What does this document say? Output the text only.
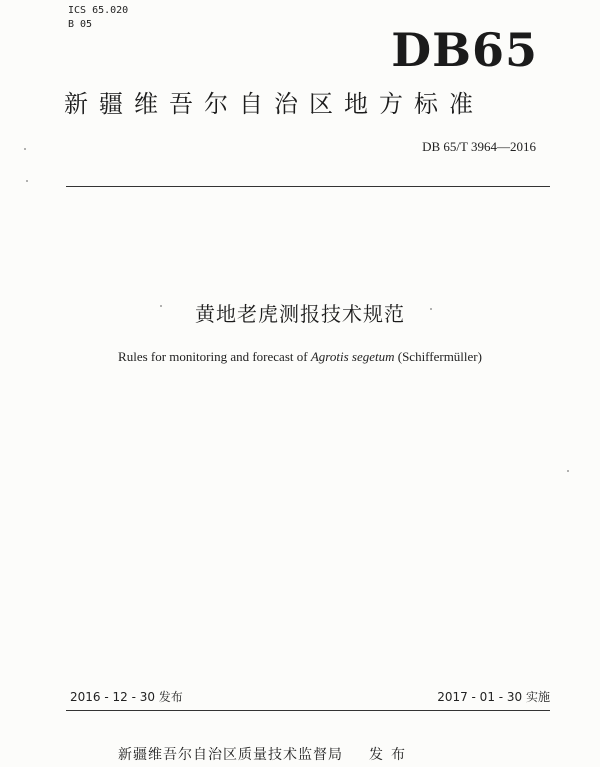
ICS 65.020
B 05	DB65
新疆维吾尔自治区地方标准
DB 65/T 3964—2016
黄地老虎测报技术规范
Rules for monitoring and forecast of Agrotis segetum (Schiffermüller)
2016 - 12 - 30 发布	2017 - 01 - 30 实施
新疆维吾尔自治区质量技术监督局 发布
